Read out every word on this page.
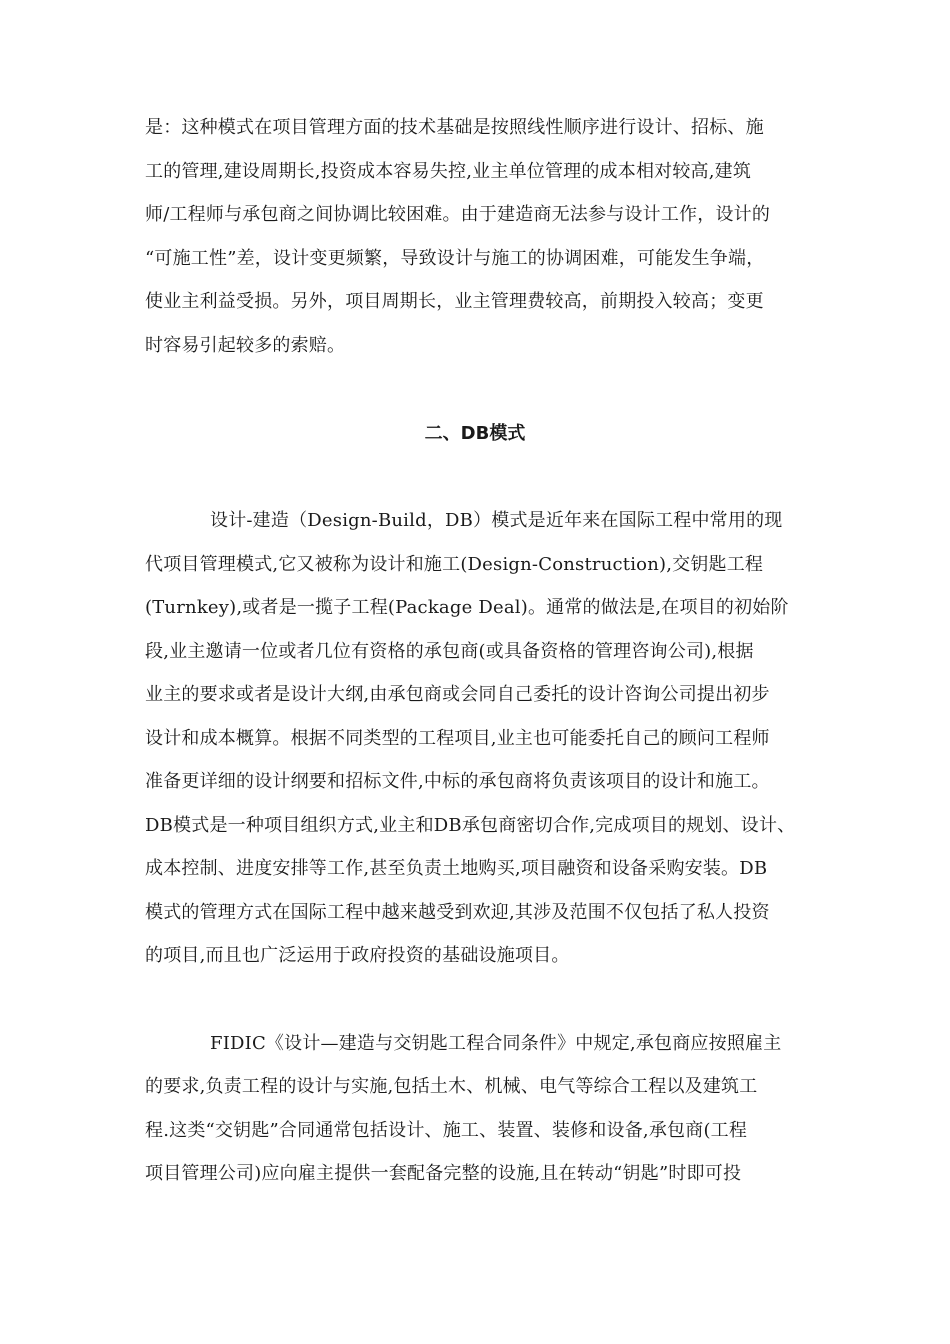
是：这种模式在项目管理方面的技术基础是按照线性顺序进行设计、招标、施
工的管理,建设周期长,投资成本容易失控,业主单位管理的成本相对较高,建筑
师/工程师与承包商之间协调比较困难。由于建造商无法参与设计工作，设计的
“可施工性”差，设计变更频繁，导致设计与施工的协调困难，可能发生争端，
使业主利益受损。另外，项目周期长，业主管理费较高，前期投入较高；变更
时容易引起较多的索赔。
二、DB模式
设计-建造（Design-Build，DB）模式是近年来在国际工程中常用的现
代项目管理模式,它又被称为设计和施工(Design-Construction),交钥匙工程
(Turnkey),或者是一揽子工程(Package Deal)。通常的做法是,在项目的初始阶
段,业主邀请一位或者几位有资格的承包商(或具备资格的管理咨询公司),根据
业主的要求或者是设计大纲,由承包商或会同自己委托的设计咨询公司提出初步
设计和成本概算。根据不同类型的工程项目,业主也可能委托自己的顾问工程师
准备更详细的设计纲要和招标文件,中标的承包商将负责该项目的设计和施工。
DB模式是一种项目组织方式,业主和DB承包商密切合作,完成项目的规划、设计、
成本控制、进度安排等工作,甚至负责土地购买,项目融资和设备采购安装。DB
模式的管理方式在国际工程中越来越受到欢迎,其涉及范围不仅包括了私人投资
的项目,而且也广泛运用于政府投资的基础设施项目。
FIDIC《设计—建造与交钥匙工程合同条件》中规定,承包商应按照雇主
的要求,负责工程的设计与实施,包括土木、机械、电气等综合工程以及建筑工
程.这类“交钥匙”合同通常包括设计、施工、装置、装修和设备,承包商(工程
项目管理公司)应向雇主提供一套配备完整的设施,且在转动“钥匙”时即可投
